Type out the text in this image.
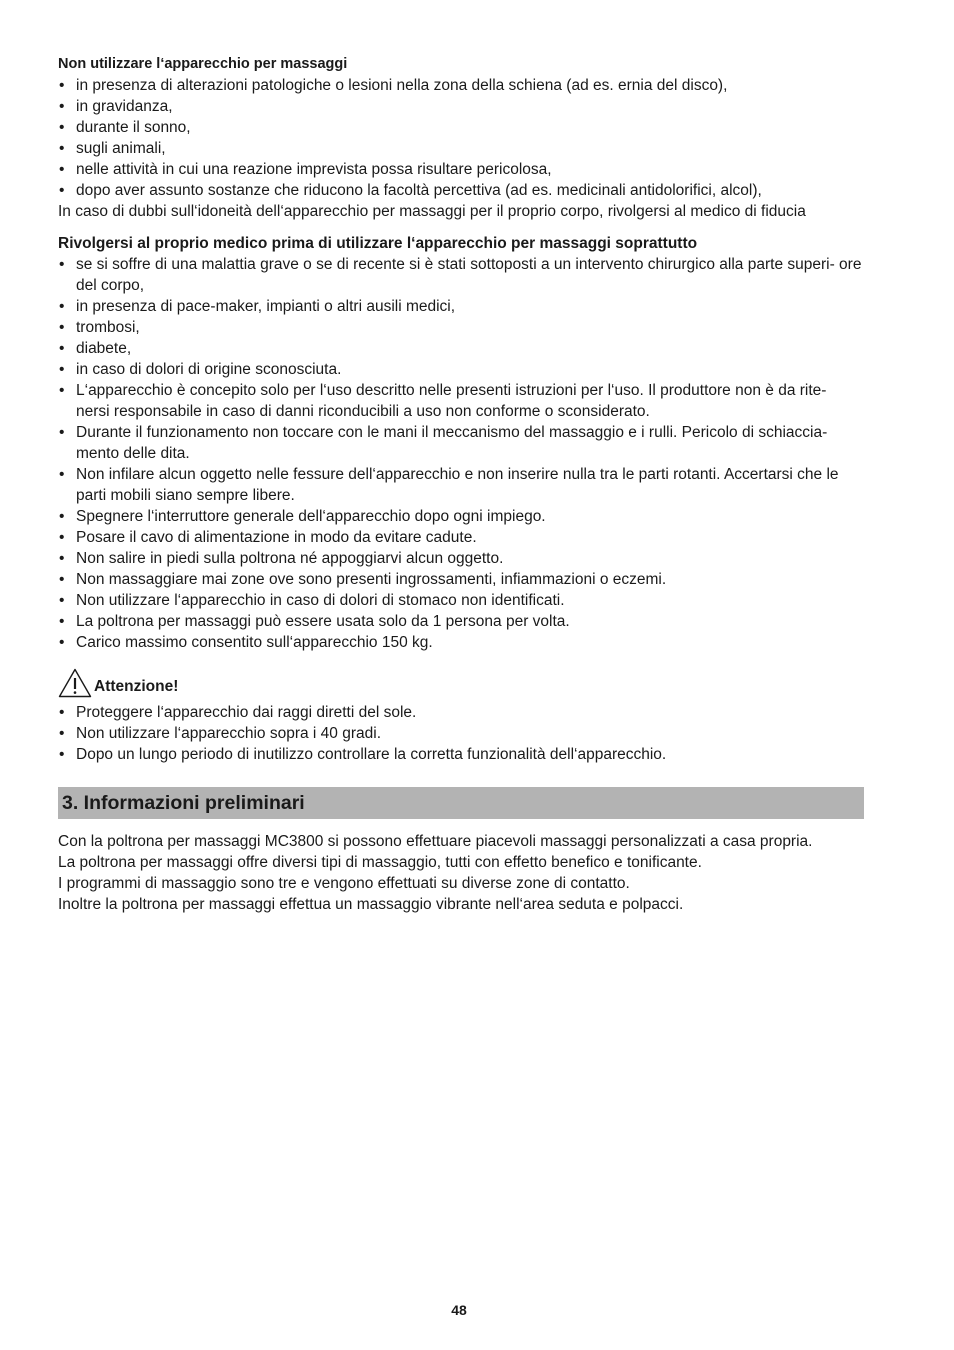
Non utilizzare l‘apparecchio per massaggi

• in presenza di alterazioni patologiche o lesioni nella zona della schiena (ad es. ernia del disco),
• in gravidanza,
• durante il sonno,
• sugli animali,
• nelle attività in cui una reazione imprevista possa risultare pericolosa,
• dopo aver assunto sostanze che riducono la facoltà percettiva (ad es. medicinali antidolorifici, alcol),

In caso di dubbi sull‘idoneità dell‘apparecchio per massaggi per il proprio corpo, rivolgersi al medico di fiducia

Rivolgersi al proprio medico prima di utilizzare l‘apparecchio per massaggi soprattutto

• se si soffre di una malattia grave o se di recente si è stati sottoposti a un intervento chirurgico alla parte superi- ore del corpo,
• in presenza di pace-maker, impianti o altri ausili medici,
• trombosi,
• diabete,
• in caso di dolori di origine sconosciuta.
• L‘apparecchio è concepito solo per l‘uso descritto nelle presenti istruzioni per l‘uso. Il produttore non è da rite- nersi responsabile in caso di danni riconducibili a uso non conforme o sconsiderato.
• Durante il funzionamento non toccare con le mani il meccanismo del massaggio e i rulli. Pericolo di schiaccia- mento delle dita.
• Non infilare alcun oggetto nelle fessure dell‘apparecchio e non inserire nulla tra le parti rotanti. Accertarsi che le parti mobili siano sempre libere.
• Spegnere l‘interruttore generale dell‘apparecchio dopo ogni impiego.
• Posare il cavo di alimentazione in modo da evitare cadute.
• Non salire in piedi sulla poltrona né appoggiarvi alcun oggetto.
• Non massaggiare mai zone ove sono presenti ingrossamenti, infiammazioni o eczemi.
• Non utilizzare l‘apparecchio in caso di dolori di stomaco non identificati.
• La poltrona per massaggi può essere usata solo da 1 persona per volta.
• Carico massimo consentito sull‘apparecchio 150 kg.
Attenzione!
• Proteggere l‘apparecchio dai raggi diretti del sole.
• Non utilizzare l‘apparecchio sopra i 40 gradi.
• Dopo un lungo periodo di inutilizzo controllare la corretta funzionalità dell‘apparecchio.
3. Informazioni preliminari

Con la poltrona per massaggi MC3800 si possono effettuare piacevoli massaggi personalizzati a casa propria.

La poltrona per massaggi offre diversi tipi di massaggio, tutti con effetto benefico e tonificante.

I programmi di massaggio sono tre e vengono effettuati su diverse zone di contatto.

Inoltre la poltrona per massaggi effettua un massaggio vibrante nell‘area seduta e polpacci.

48
